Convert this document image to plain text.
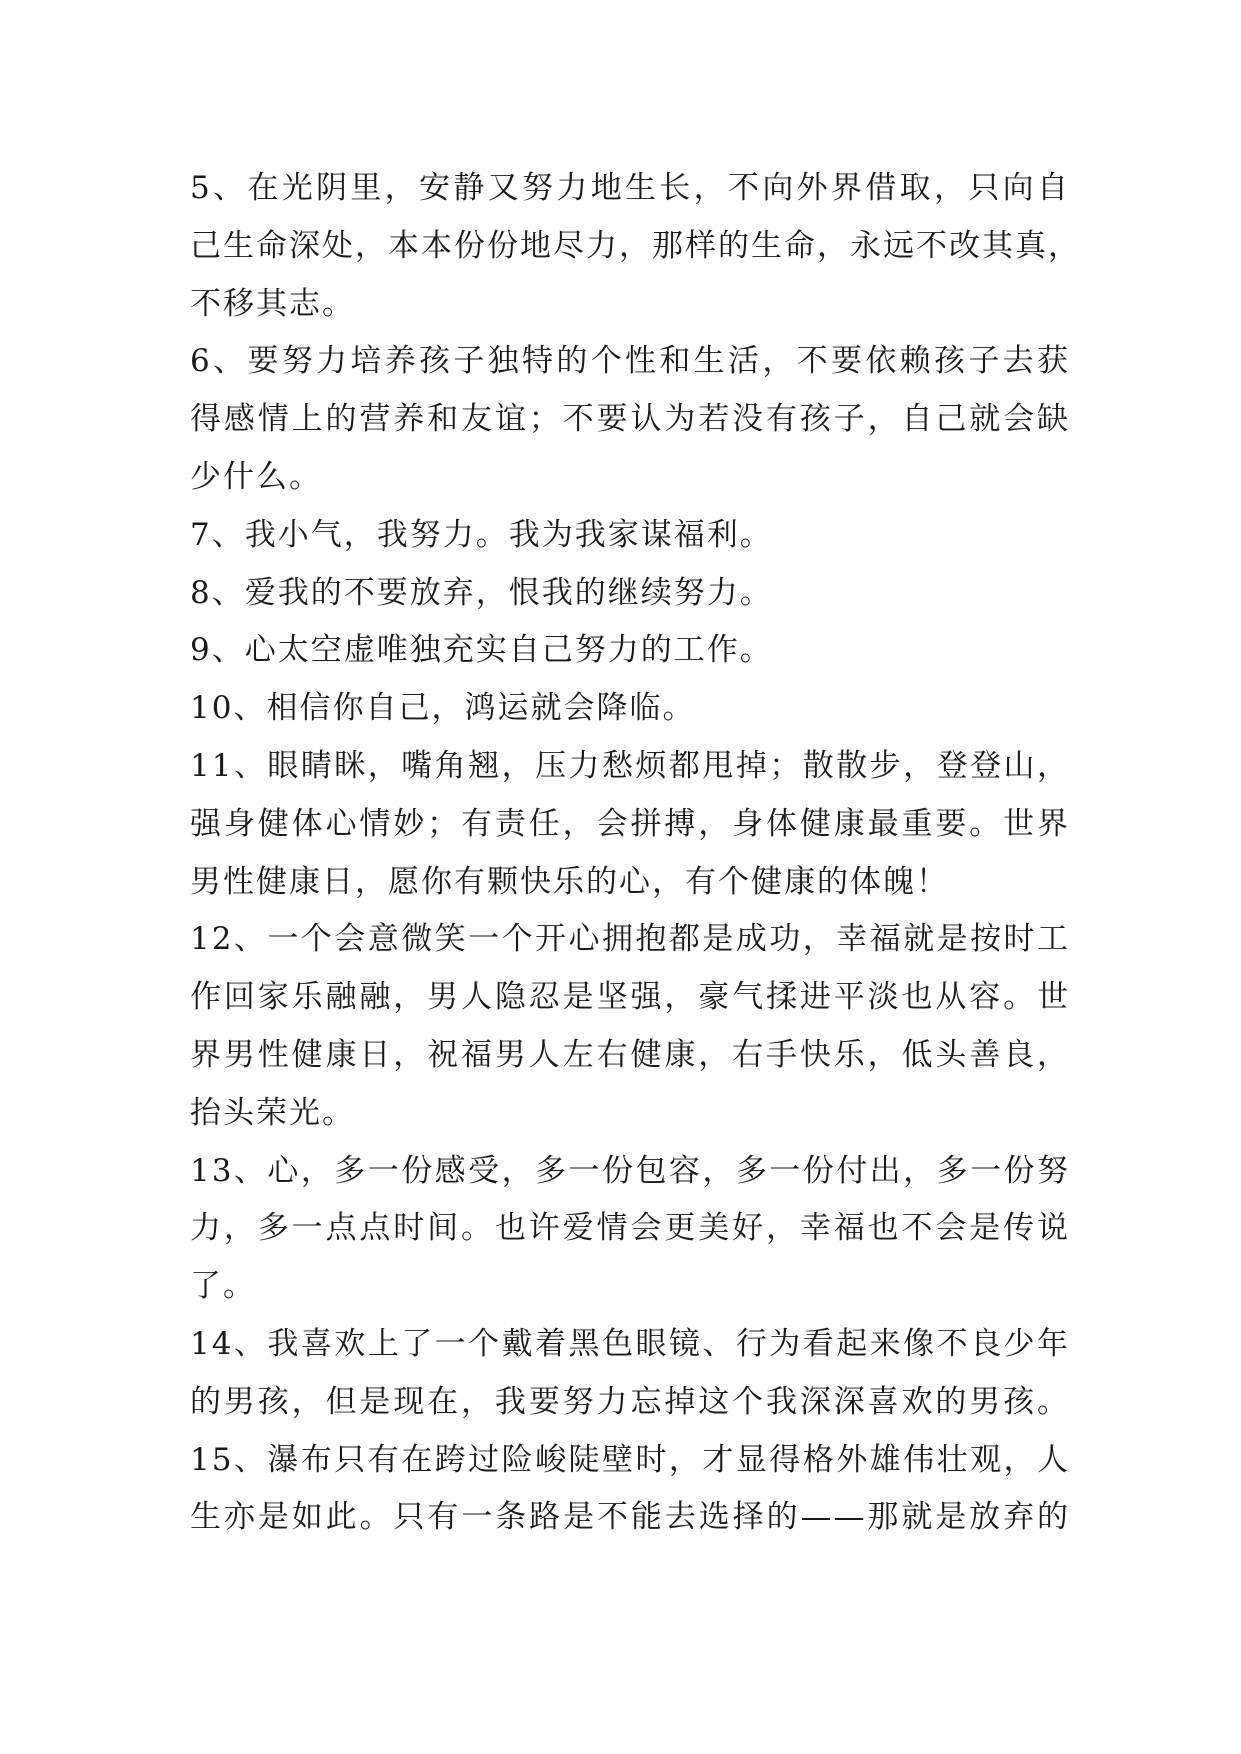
5、在光阴里，安静又努力地生长，不向外界借取，只向自
己生命深处，本本份份地尽力，那样的生命，永远不改其真，
不移其志。
6、要努力培养孩子独特的个性和生活，不要依赖孩子去获
得感情上的营养和友谊；不要认为若没有孩子，自己就会缺
少什么。
7、我小气，我努力。我为我家谋福利。
8、爱我的不要放弃，恨我的继续努力。
9、心太空虚唯独充实自己努力的工作。
10、相信你自己，鸿运就会降临。
11、眼睛眯，嘴角翘，压力愁烦都甩掉；散散步，登登山，
强身健体心情妙；有责任，会拼搏，身体健康最重要。世界
男性健康日，愿你有颗快乐的心，有个健康的体魄！
12、一个会意微笑一个开心拥抱都是成功，幸福就是按时工
作回家乐融融，男人隐忍是坚强，豪气揉进平淡也从容。世
界男性健康日，祝福男人左右健康，右手快乐，低头善良，
抬头荣光。
13、心，多一份感受，多一份包容，多一份付出，多一份努
力，多一点点时间。也许爱情会更美好，幸福也不会是传说
了。
14、我喜欢上了一个戴着黑色眼镜、行为看起来像不良少年
的男孩，但是现在，我要努力忘掉这个我深深喜欢的男孩。
15、瀑布只有在跨过险峻陡壁时，才显得格外雄伟壮观，人
生亦是如此。只有一条路是不能去选择的——那就是放弃的
